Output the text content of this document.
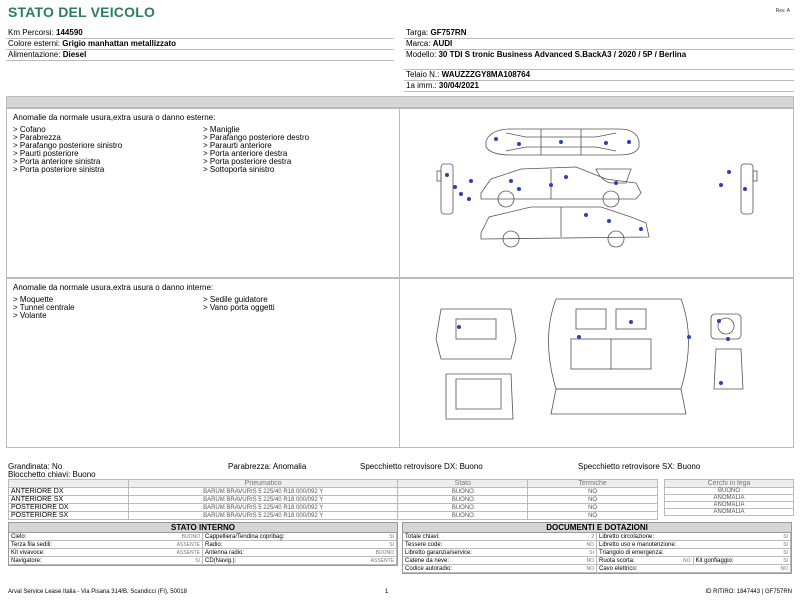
STATO DEL VEICOLO	Rev. A
Km Percorsi: 144590
Colore esterni: Grigio manhattan metallizzato
Alimentazione: Diesel
Targa: GF757RN
Marca: AUDI
Modello: 30 TDI S tronic Business Advanced S.BackA3 / 2020 / 5P / Berlina
Telaio N.: WAUZZZGY8MA108764
1a imm.: 30/04/2021
Anomalie da normale usura,extra usura o danno esterne:
> Cofano
> Parabrezza
> Parafango posteriore sinistro
> Paurti posteriore
> Porta anteriore sinistra
> Porta posteriore sinistra
> Maniglie
> Parafango posteriore destro
> Paraurti anteriore
> Porta anteriore destra
> Porta posteriore destra
> Sottoporta sinistro
Anomalie da normale usura,extra usura o danno interne:
> Moquette
> Tunnel centrale
> Volante
> Sedile guidatore
> Vano porta oggetti
Grandinata: No	Parabrezza: Anomalia	Specchietto retrovisore DX: Buono	Specchietto retrovisore SX: Buono
Blocchetto chiavi: Buono
	Pneumatico	Stato	Termiche
ANTERIORE DX	BARUM BRAVURIS 5 225/40 R18 000/092 Y	BUONO	NO
ANTERIORE SX	BARUM BRAVURIS 5 225/40 R18 000/092 Y	BUONO	NO
POSTERIORE DX	BARUM BRAVURIS 5 225/40 R18 000/092 Y	BUONO	NO
POSTERIORE SX	BARUM BRAVURIS 5 225/40 R18 000/092 Y	BUONO	NO
Cerchi in lega
BUONO
ANOMALIA
ANOMALIA
ANOMALIA
STATO INTERNO
Cielo:	BUONO Cappelliera/Tendina copribag:	SI
Terza fila sedili:	ASSENTE Radio:	SI
Kit vivavoce:	ASSENTE Antenna radio:	BUONO
Navigatore:	SI CD(Navig.):	ASSENTE
DOCUMENTI E DOTAZIONI
Totale chiavi:	2 Libretto circolazione:	SI
Tessere code:	NO Libretto uso e manutenzione:	SI
Libretto garanzia/service:	SI Triangolo di emergenza:	SI
Catene da neve:	NO Ruota scorta:	NO Kit gonfiaggio:	SI
Codice autoradio:	NO Cavo elettrico:	NO
Arval Service Lease Italia - Via Pisana 314/B, Scandicci (FI), 50018	1	ID RITIRO: 1847443 | GF757RN
